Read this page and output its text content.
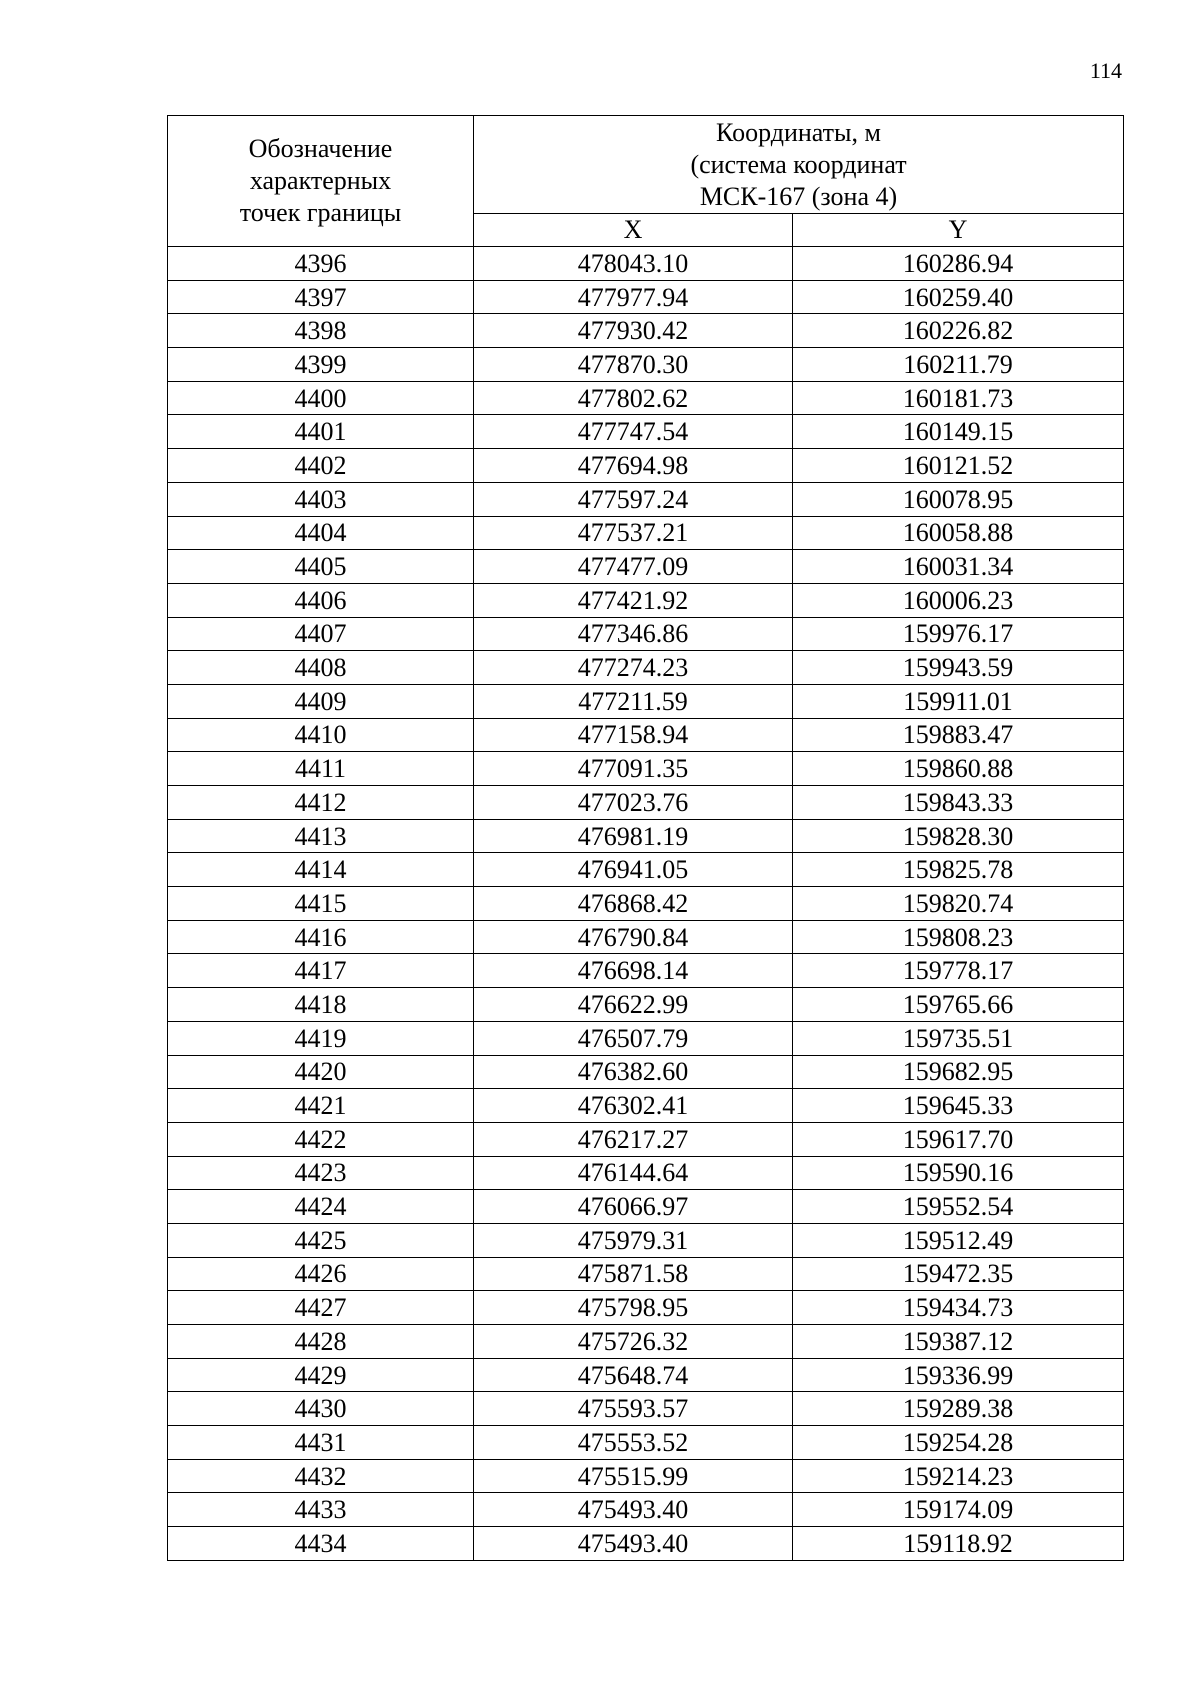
114
Обозначение
характерных
точек границы	Координаты, м
(система координат
МСК-167 (зона 4)	

	X	Y
4396	478043.10	160286.94
4397	477977.94	160259.40
4398	477930.42	160226.82
4399	477870.30	160211.79
4400	477802.62	160181.73
4401	477747.54	160149.15
4402	477694.98	160121.52
4403	477597.24	160078.95
4404	477537.21	160058.88
4405	477477.09	160031.34
4406	477421.92	160006.23
4407	477346.86	159976.17
4408	477274.23	159943.59
4409	477211.59	159911.01
4410	477158.94	159883.47
4411	477091.35	159860.88
4412	477023.76	159843.33
4413	476981.19	159828.30
4414	476941.05	159825.78
4415	476868.42	159820.74
4416	476790.84	159808.23
4417	476698.14	159778.17
4418	476622.99	159765.66
4419	476507.79	159735.51
4420	476382.60	159682.95
4421	476302.41	159645.33
4422	476217.27	159617.70
4423	476144.64	159590.16
4424	476066.97	159552.54
4425	475979.31	159512.49
4426	475871.58	159472.35
4427	475798.95	159434.73
4428	475726.32	159387.12
4429	475648.74	159336.99
4430	475593.57	159289.38
4431	475553.52	159254.28
4432	475515.99	159214.23
4433	475493.40	159174.09
4434	475493.40	159118.92
